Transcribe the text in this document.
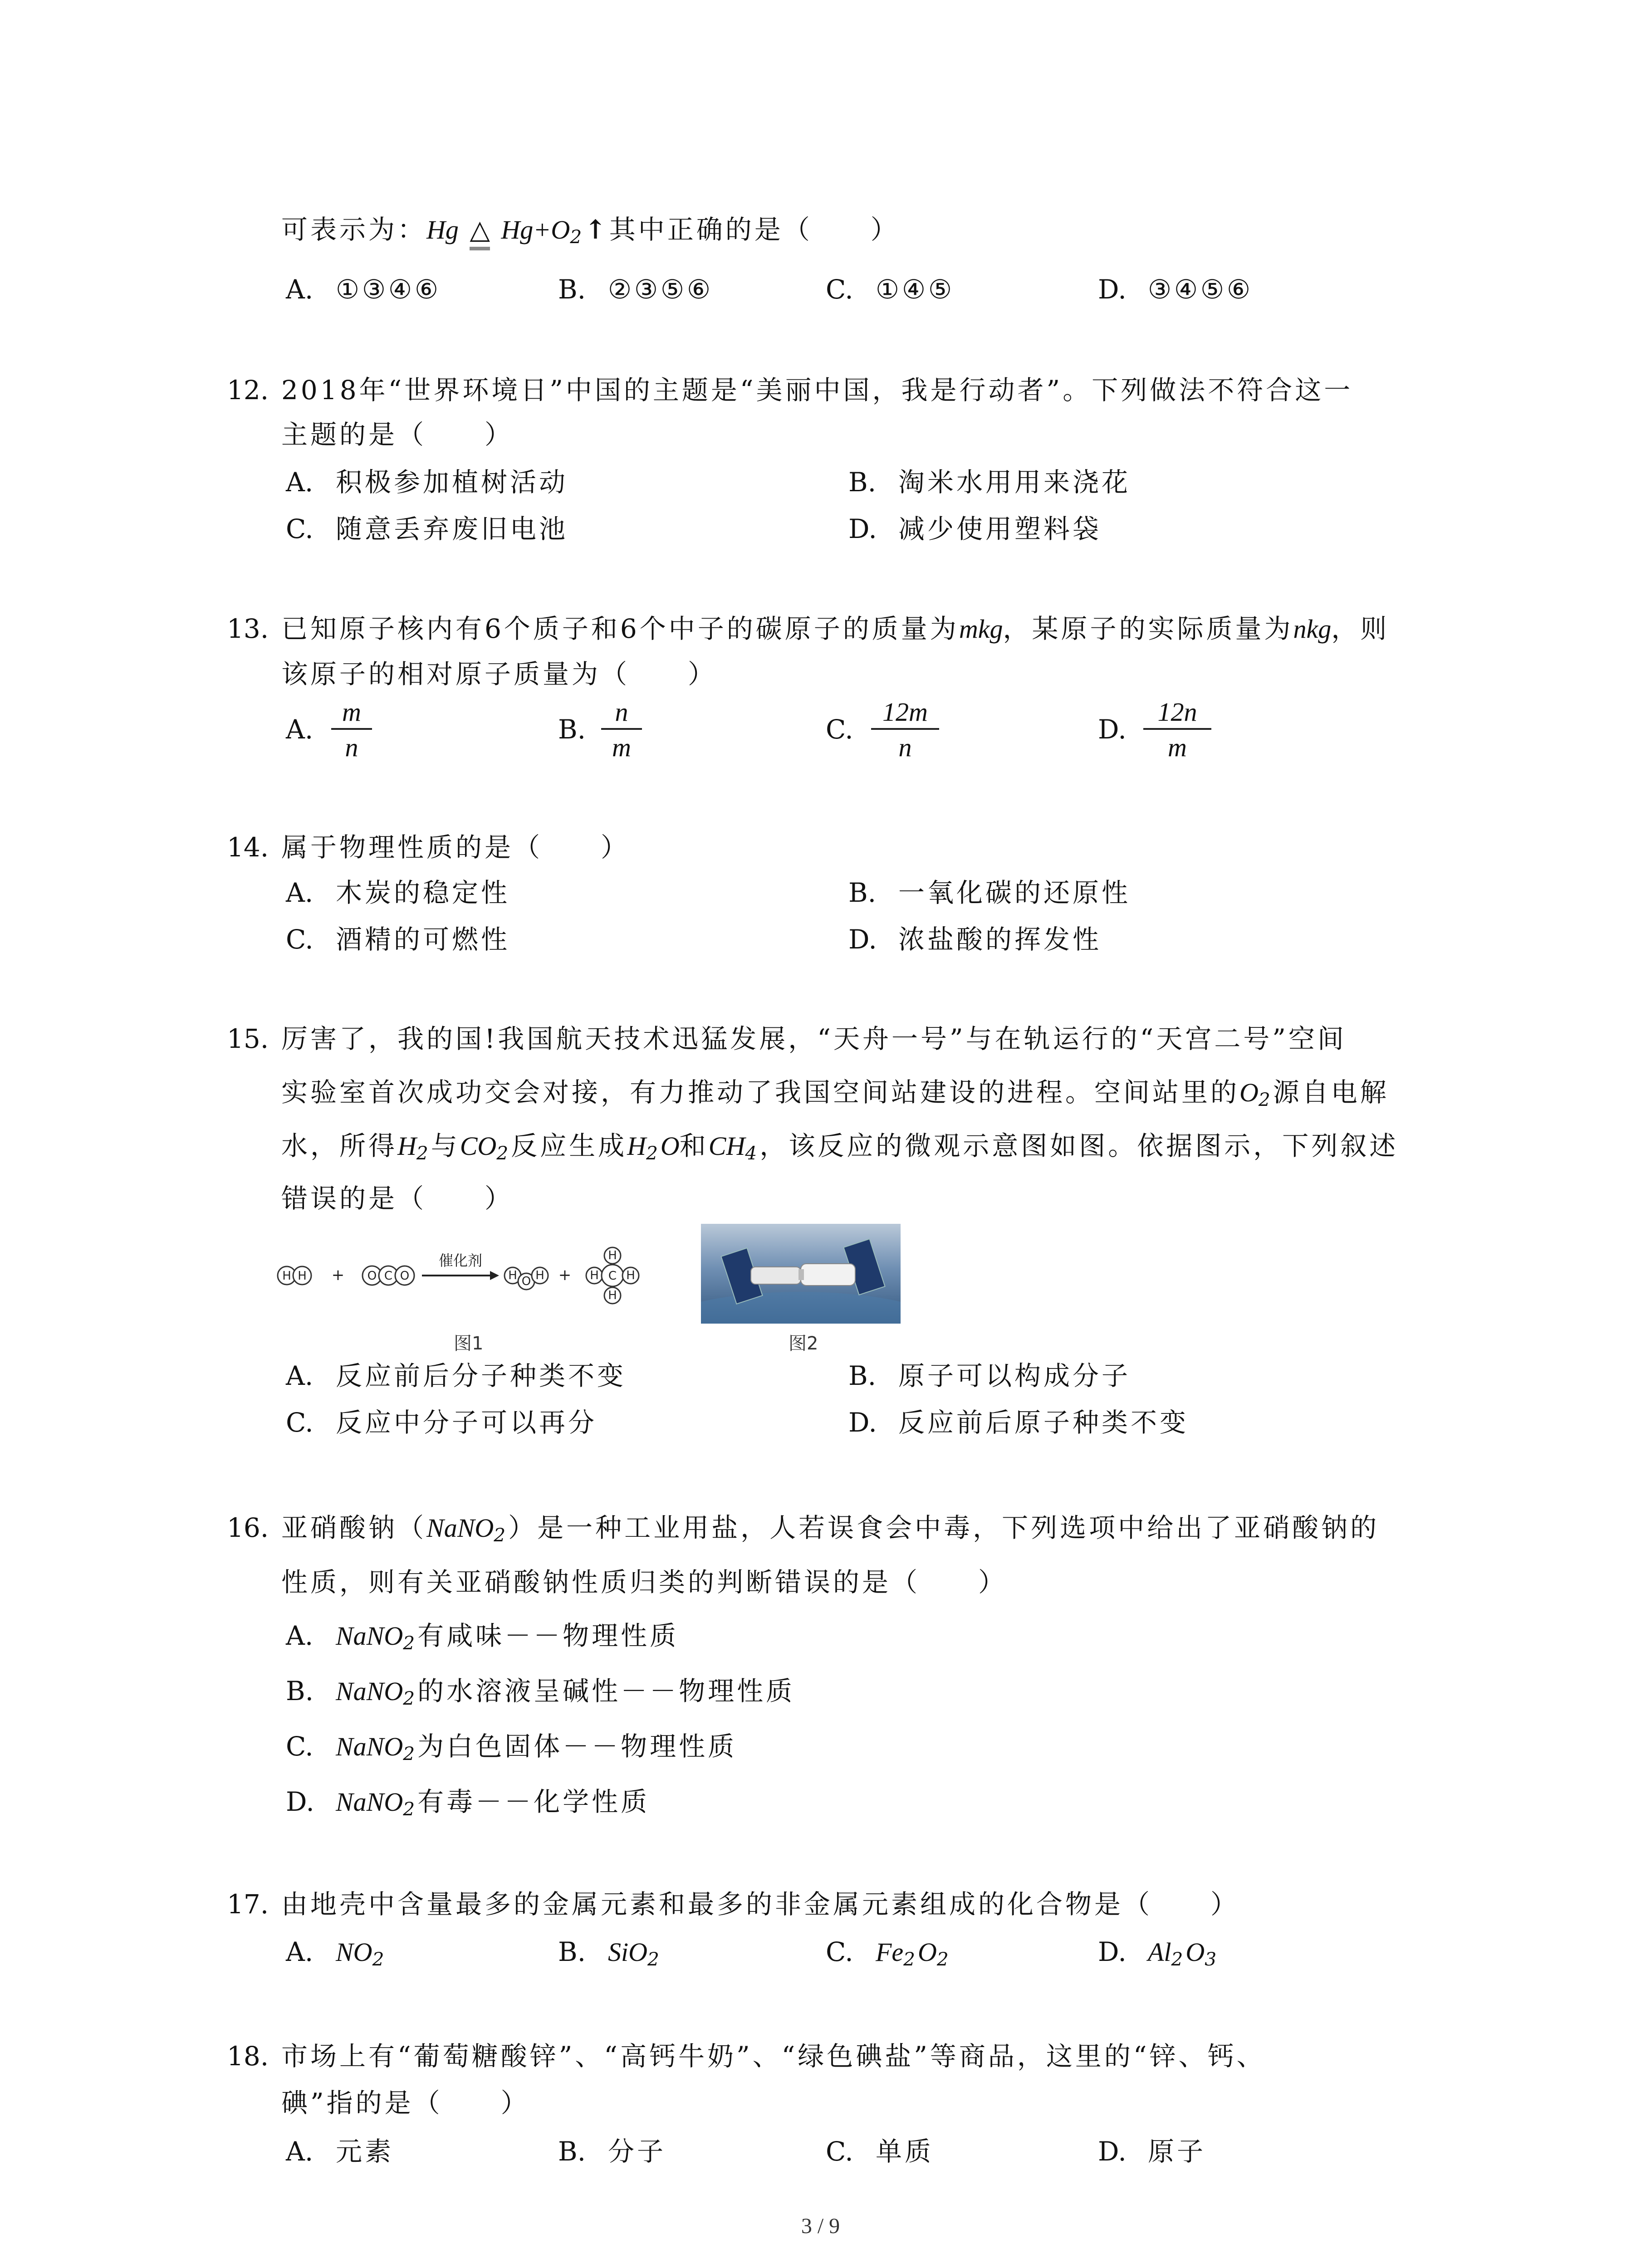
可表示为：Hg △ $Hg+O_2↑$其中正确的是（　　）
A. ①③④⑥	B. ②③⑤⑥	C. ①④⑤	D. ③④⑤⑥
12. 2018年“世界环境日”中国的主题是“美丽中国，我是行动者”。下列做法不符合这一
主题的是（　　）
A. 积极参加植树活动	B. 淘米水用用来浇花
C. 随意丢弃废旧电池	D. 减少使用塑料袋
13. 已知原子核内有6个质子和6个中子的碳原子的质量为mkg，某原子的实际质量为nkg，则
该原子的相对原子质量为（　　）
A. $\frac{m}{n}$	B. $\frac{n}{m}$	C. $\frac{12m}{n}$	D. $\frac{12n}{m}$
14. 属于物理性质的是（　　）
A. 木炭的稳定性	B. 一氧化碳的还原性
C. 酒精的可燃性	D. 浓盐酸的挥发性
15. 厉害了，我的国!我国航天技术迅猛发展，“天舟一号”与在轨运行的“天宫二号”空间
实验室首次成功交会对接，有力推动了我国空间站建设的进程。空间站里的$O_2$源自电解
水，所得$H_2$与$CO_2$反应生成$H_2O$和$CH_4$，该反应的微观示意图如图。依据图示，下列叙述
错误的是（　　）
H H + O C O
催化剂
H O H + H C H
H
H
图1	图2
A. 反应前后分子种类不变	B. 原子可以构成分子
C. 反应中分子可以再分	D. 反应前后原子种类不变
16. 亚硝酸钠（NaNO$_2$）是一种工业用盐，人若误食会中毒，下列选项中给出了亚硝酸钠的
性质，则有关亚硝酸钠性质归类的判断错误的是（　　）
A. NaNO$_2$有咸味－－物理性质
B. NaNO$_2$的水溶液呈碱性－－物理性质
C. NaNO$_2$为白色固体－－物理性质
D. NaNO$_2$有毒－－化学性质
17. 由地壳中含量最多的金属元素和最多的非金属元素组成的化合物是（　　）
A. $NO_2$	B. SiO$_2$	C. $Fe_2O_2$	D. $Al_2O_3$
18. 市场上有“葡萄糖酸锌”、“高钙牛奶”、“绿色碘盐”等商品，这里的“锌、钙、
碘”指的是（　　）
A. 元素	B. 分子	C. 单质	D. 原子
3 / 9
